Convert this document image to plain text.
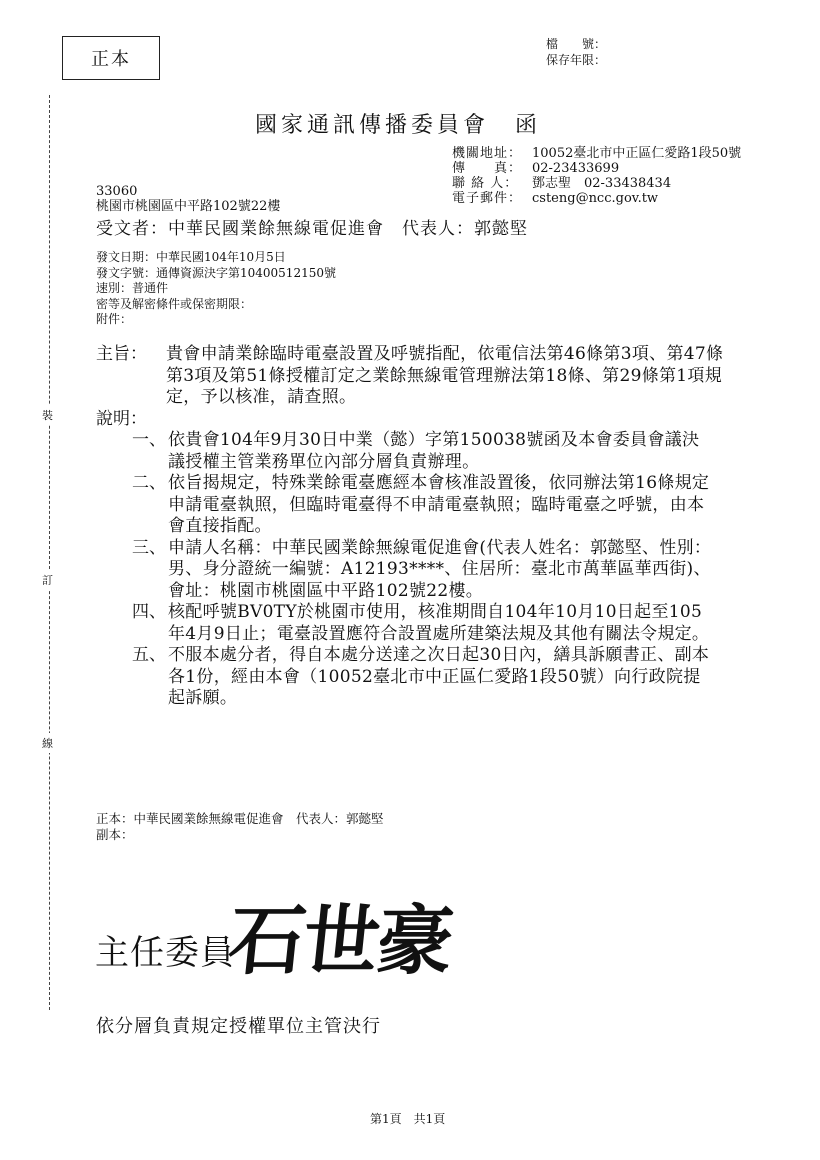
正本
檔　　號：
保存年限：
裝
訂
線
國家通訊傳播委員會　函
機關地址： 10052臺北市中正區仁愛路1段50號
傳　　真： 02-23433699
聯 絡 人：	鄧志聖　02-33438434
電子郵件： csteng@ncc.gov.tw
33060
桃園市桃園區中平路102號22樓
受文者：中華民國業餘無線電促進會　代表人：郭懿堅
發文日期：中華民國104年10月5日
發文字號：通傳資源決字第10400512150號
速別：普通件
密等及解密條件或保密期限：
附件：
主旨：	貴會申請業餘臨時電臺設置及呼號指配，依電信法第46條第3項、第47條第3項及第51條授權訂定之業餘無線電管理辦法第18條、第29條第1項規定，予以核准，請查照。
說明：
一、 依貴會104年9月30日中業（懿）字第150038號函及本會委員會議決議授權主管業務單位內部分層負責辦理。
二、 依旨揭規定，特殊業餘電臺應經本會核准設置後，依同辦法第16條規定申請電臺執照，但臨時電臺得不申請電臺執照；臨時電臺之呼號，由本會直接指配。
三、 申請人名稱：中華民國業餘無線電促進會(代表人姓名：郭懿堅、性別：男、身分證統一編號：A12193****、住居所：臺北市萬華區華西街)、會址：桃園市桃園區中平路102號22樓。
四、 核配呼號BV0TY於桃園市使用，核准期間自104年10月10日起至105年4月9日止；電臺設置應符合設置處所建築法規及其他有關法令規定。
五、 不服本處分者，得自本處分送達之次日起30日內，繕具訴願書正、副本各1份，經由本會（10052臺北市中正區仁愛路1段50號）向行政院提起訴願。
正本：中華民國業餘無線電促進會　代表人：郭懿堅
副本：
主任委員
石世豪
依分層負責規定授權單位主管決行
第1頁　共1頁
